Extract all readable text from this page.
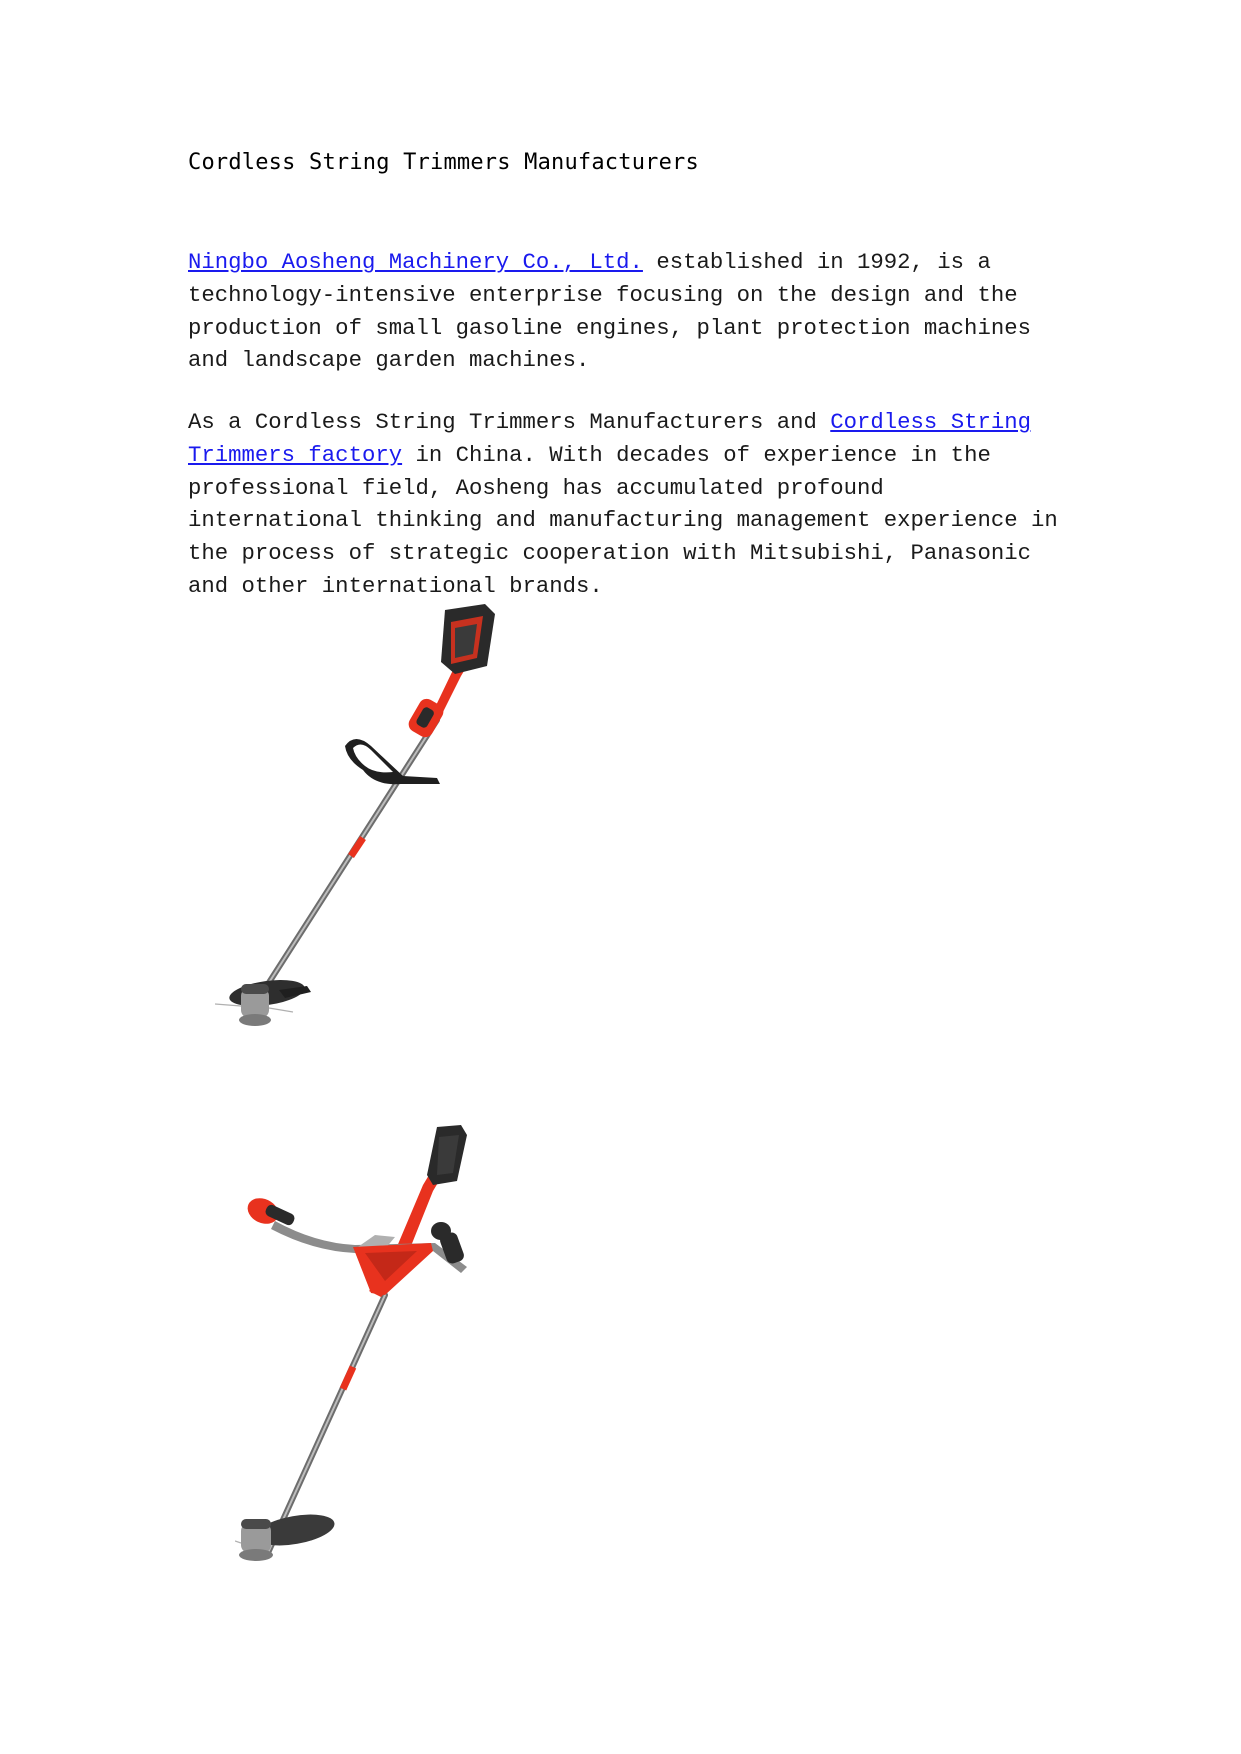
Cordless String Trimmers Manufacturers
Ningbo Aosheng Machinery Co., Ltd. established in 1992, is a technology-intensive enterprise focusing on the design and the production of small gasoline engines, plant protection machines and landscape garden machines.
As a Cordless String Trimmers Manufacturers and Cordless String Trimmers factory in China. With decades of experience in the professional field, Aosheng has accumulated profound international thinking and manufacturing management experience in the process of strategic cooperation with Mitsubishi, Panasonic and other international brands.
